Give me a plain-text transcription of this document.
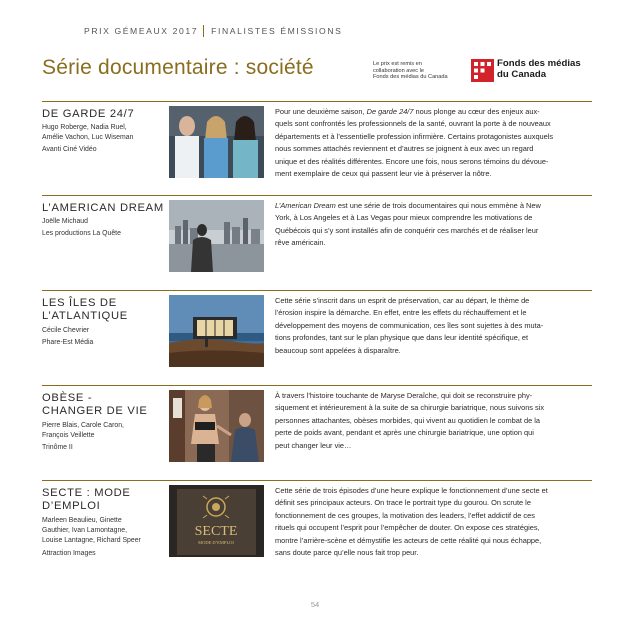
PRIX GÉMEAUX 2017 FINALISTES ÉMISSIONS
Série documentaire : société	Le prix est remis en
collaboration avec le
Fonds des médias du Canada
Fonds des médias
du Canada
DE GARDE 24/7
Hugo Roberge, Nadia Ruel,
Amélie Vachon, Luc Wiseman
Avanti Ciné Vidéo
Pour une deuxième saison, De garde 24/7 nous plonge au cœur des enjeux aux-
quels sont confrontés les professionnels de la santé, ouvrant la porte à de nouveaux
départements et à l’essentielle profession infirmière. Certains protagonistes auxquels
nous sommes attachés reviennent et d’autres se joignent à eux avec un regard
unique et des réalités différentes. Encore une fois, nous serons témoins du dévoue-
ment exemplaire de ceux qui passent leur vie à préserver la nôtre.
L’AMERICAN DREAM
Joëlle Michaud
Les productions La Quête
L’American Dream est une série de trois documentaires qui nous emmène à New
York, à Los Angeles et à Las Vegas pour mieux comprendre les motivations de
Québécois qui s’y sont installés afin de conquérir ces marchés et de réaliser leur
rêve américain.
LES ÎLES DE
L’ATLANTIQUE
Cécile Chevrier
Phare-Est Média
Cette série s’inscrit dans un esprit de préservation, car au départ, le thème de
l’érosion inspire la démarche. En effet, entre les effets du réchauffement et le
développement des moyens de communication, ces îles sont sujettes à des muta-
tions profondes, tant sur le plan physique que dans leur identité spécifique, et
beaucoup sont appelées à disparaître.
OBÈSE -
CHANGER DE VIE
Pierre Blais, Carole Caron,
François Veillette
Trinôme II
À travers l’histoire touchante de Maryse Deraîche, qui doit se reconstruire phy-
siquement et intérieurement à la suite de sa chirurgie bariatrique, nous suivons six
personnes attachantes, obèses morbides, qui vivent au quotidien le combat de la
perte de poids avant, pendant et après une chirurgie bariatrique, une option qui
peut changer leur vie…
SECTE : MODE
D’EMPLOI
Marleen Beaulieu, Ginette
Gauthier, Ivan Lamontagne,
Louise Lantagne, Richard Speer
Attraction Images
SECTE
MODE D’EMPLOI
Cette série de trois épisodes d’une heure explique le fonctionnement d’une secte et
définit ses principaux acteurs. On trace le portrait type du gourou. On scrute le
fonctionnement de ces groupes, la motivation des leaders, l’effet addictif de ces
rituels qui occupent l’esprit pour l’empêcher de douter. On expose ces stratégies,
montre l’arrière-scène et démystifie les acteurs de cette réalité qui nous échappe,
sans doute parce qu’elle nous fait trop peur.
54
